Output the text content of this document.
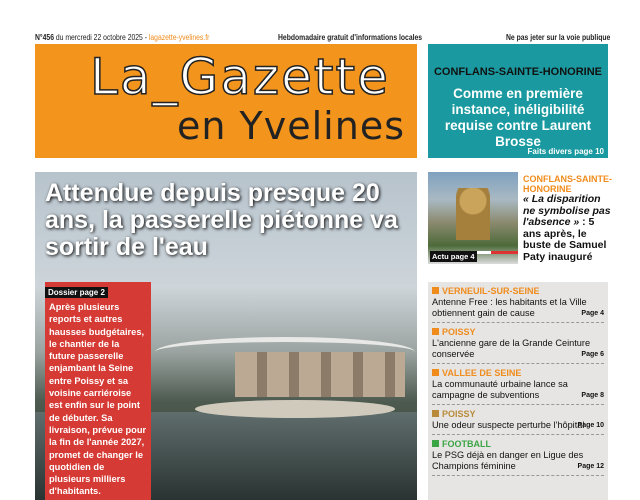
N°456 du mercredi 22 octobre 2025 - lagazette-yvelines.fr	Hebdomadaire gratuit d'informations locales	Ne pas jeter sur la voie publique
La_Gazette
en Yvelines
CONFLANS-SAINTE-HONORINE
Comme en première instance, inéligibilité requise contre Laurent Brosse
Faits divers page 10
Attendue depuis presque 20 ans, la passerelle piétonne va sortir de l'eau
Dossier page 2

Après plusieurs reports et autres hausses budgétaires, le chantier de la future passerelle enjambant la Seine entre Poissy et sa voisine carriéroise est enfin sur le point de débuter. Sa livraison, prévue pour la fin de l'année 2027, promet de changer le quotidien de plusieurs milliers d'habitants.

Actu page 4
CONFLANS-SAINTE-HONORINE
« La disparition ne symbolise pas l'absence » : 5 ans après, le buste de Samuel Paty inauguré
VERNEUIL-SUR-SEINE
Antenne Free : les habitants et la Ville obtiennent gain de cause	Page 4
POISSY
L'ancienne gare de la Grande Ceinture conservée	Page 6
VALLEE DE SEINE
La communauté urbaine lance sa campagne de subventions	Page 8
POISSY
Une odeur suspecte perturbe l'hôpital
Page 10
FOOTBALL
Le PSG déjà en danger en Ligue des Champions féminine	Page 12
